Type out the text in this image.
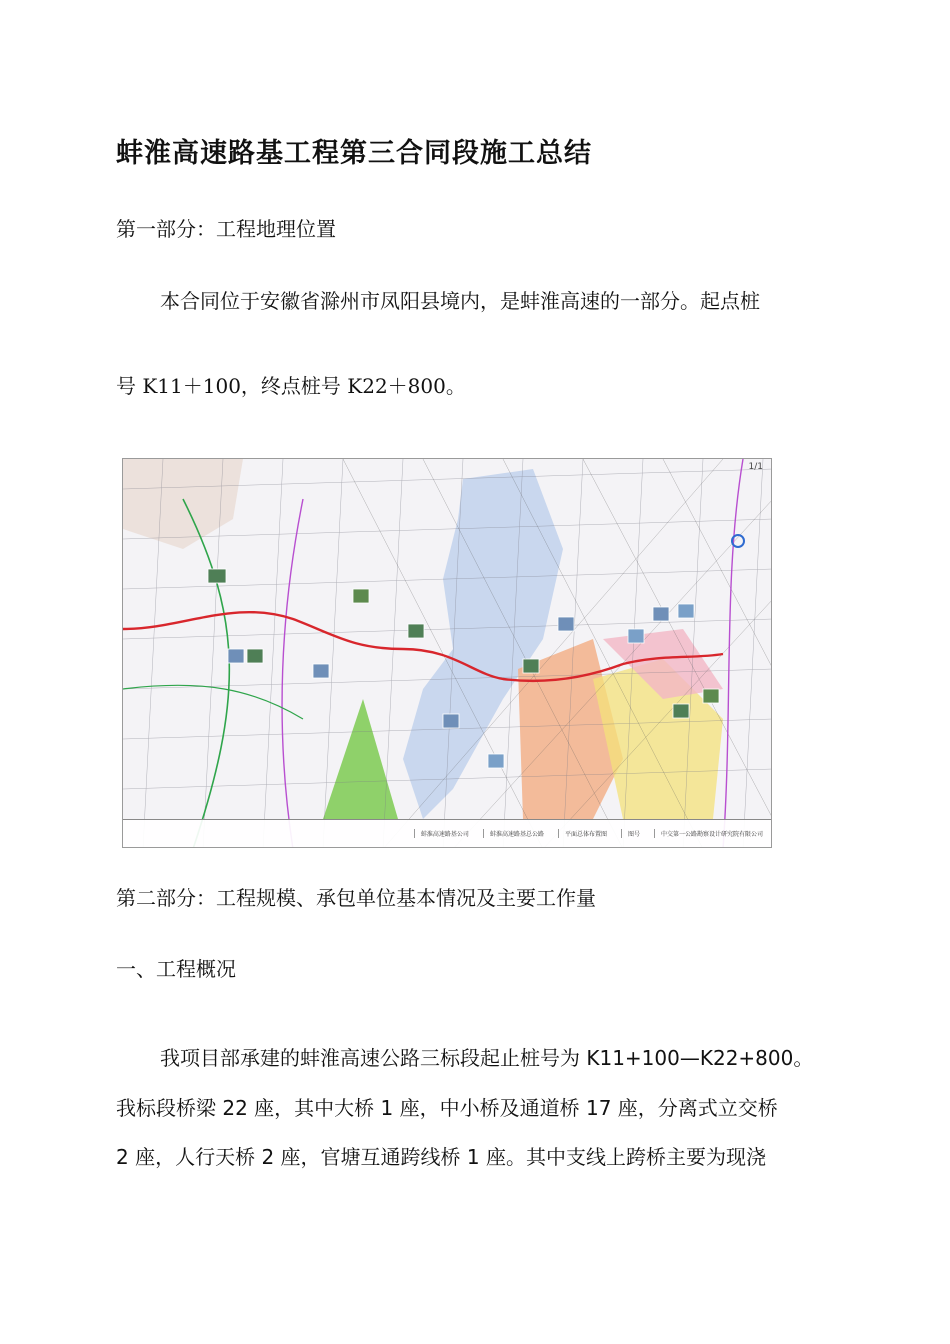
蚌淮高速路基工程第三合同段施工总结
第一部分：工程地理位置
本合同位于安徽省滁州市凤阳县境内，是蚌淮高速的一部分。起点桩
号 K11＋100，终点桩号 K22＋800。
1/1
蚌淮高速路基公司	蚌淮高速路基总公路	平面总体布置图	图号	中交第一公路勘察设计研究院有限公司
第二部分：工程规模、承包单位基本情况及主要工作量
一、工程概况
我项目部承建的蚌淮高速公路三标段起止桩号为 K11+100—K22+800。
我标段桥梁 22 座，其中大桥 1 座，中小桥及通道桥 17 座，分离式立交桥
2 座，人行天桥 2 座，官塘互通跨线桥 1 座。其中支线上跨桥主要为现浇
